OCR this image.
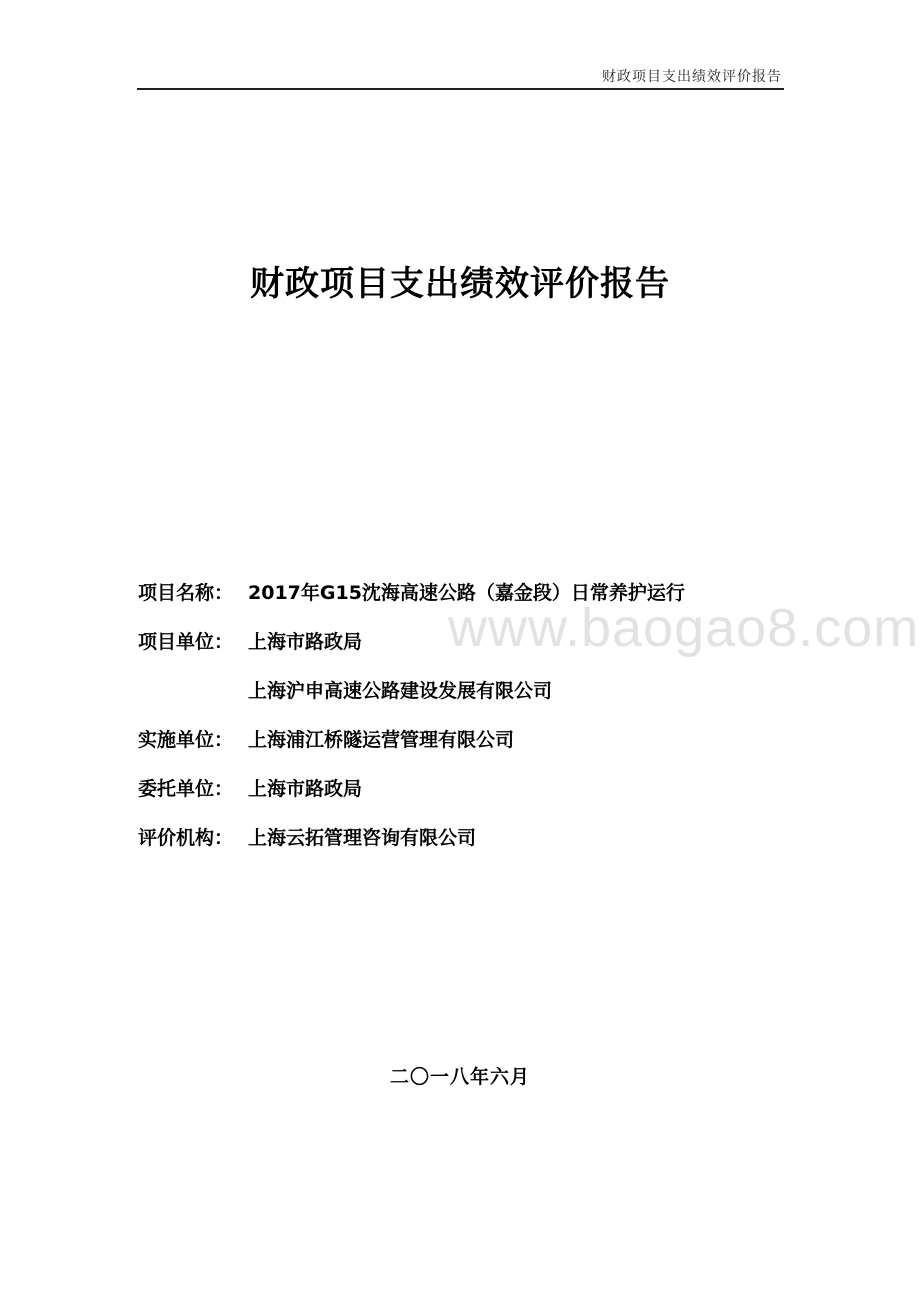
财政项目支出绩效评价报告
财政项目支出绩效评价报告
www.baogao8.com
项目名称： 2017年G15沈海高速公路（嘉金段）日常养护运行
项目单位： 上海市路政局
上海沪申高速公路建设发展有限公司
实施单位： 上海浦江桥隧运营管理有限公司
委托单位： 上海市路政局
评价机构： 上海云拓管理咨询有限公司
二〇一八年六月
